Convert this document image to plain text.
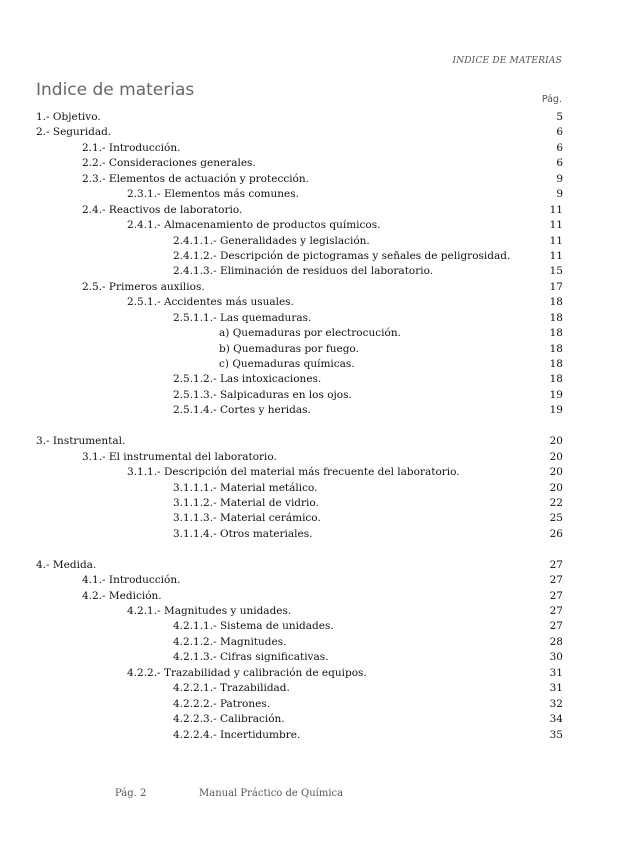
INDICE DE MATERIAS
Indice de materias	Pág.
1.- Objetivo.	5
2.- Seguridad.	6
2.1.- Introducción.	6
2.2.- Consideraciones generales.	6
2.3.- Elementos de actuación y protección.	9
2.3.1.- Elementos más comunes.	9
2.4.- Reactivos de laboratorio.	11
2.4.1.- Almacenamiento de productos químicos.	11
2.4.1.1.- Generalidades y legislación.	11
2.4.1.2.- Descripción de pictogramas y señales de peligrosidad.	11
2.4.1.3.- Eliminación de residuos del laboratorio.	15
2.5.- Primeros auxilios.	17
2.5.1.- Accidentes más usuales.	18
2.5.1.1.- Las quemaduras.	18
a) Quemaduras por electrocución.	18
b) Quemaduras por fuego.	18
c) Quemaduras químicas.	18
2.5.1.2.- Las intoxicaciones.	18
2.5.1.3.- Salpicaduras en los ojos.	19
2.5.1.4.- Cortes y heridas.	19
3.- Instrumental.	20
3.1.- El instrumental del laboratorio.	20
3.1.1.- Descripción del material más frecuente del laboratorio.	20
3.1.1.1.- Material metálico.	20
3.1.1.2.- Material de vidrio.	22
3.1.1.3.- Material cerámico.	25
3.1.1.4.- Otros materiales.	26
4.- Medida.	27
4.1.- Introducción.	27
4.2.- Medición.	27
4.2.1.- Magnitudes y unidades.	27
4.2.1.1.- Sistema de unidades.	27
4.2.1.2.- Magnitudes.	28
4.2.1.3.- Cifras significativas.	30
4.2.2.- Trazabilidad y calibración de equipos.	31
4.2.2.1.- Trazabilidad.	31
4.2.2.2.- Patrones.	32
4.2.2.3.- Calibración.	34
4.2.2.4.- Incertidumbre.	35
Pág. 2	Manual Práctico de Química
